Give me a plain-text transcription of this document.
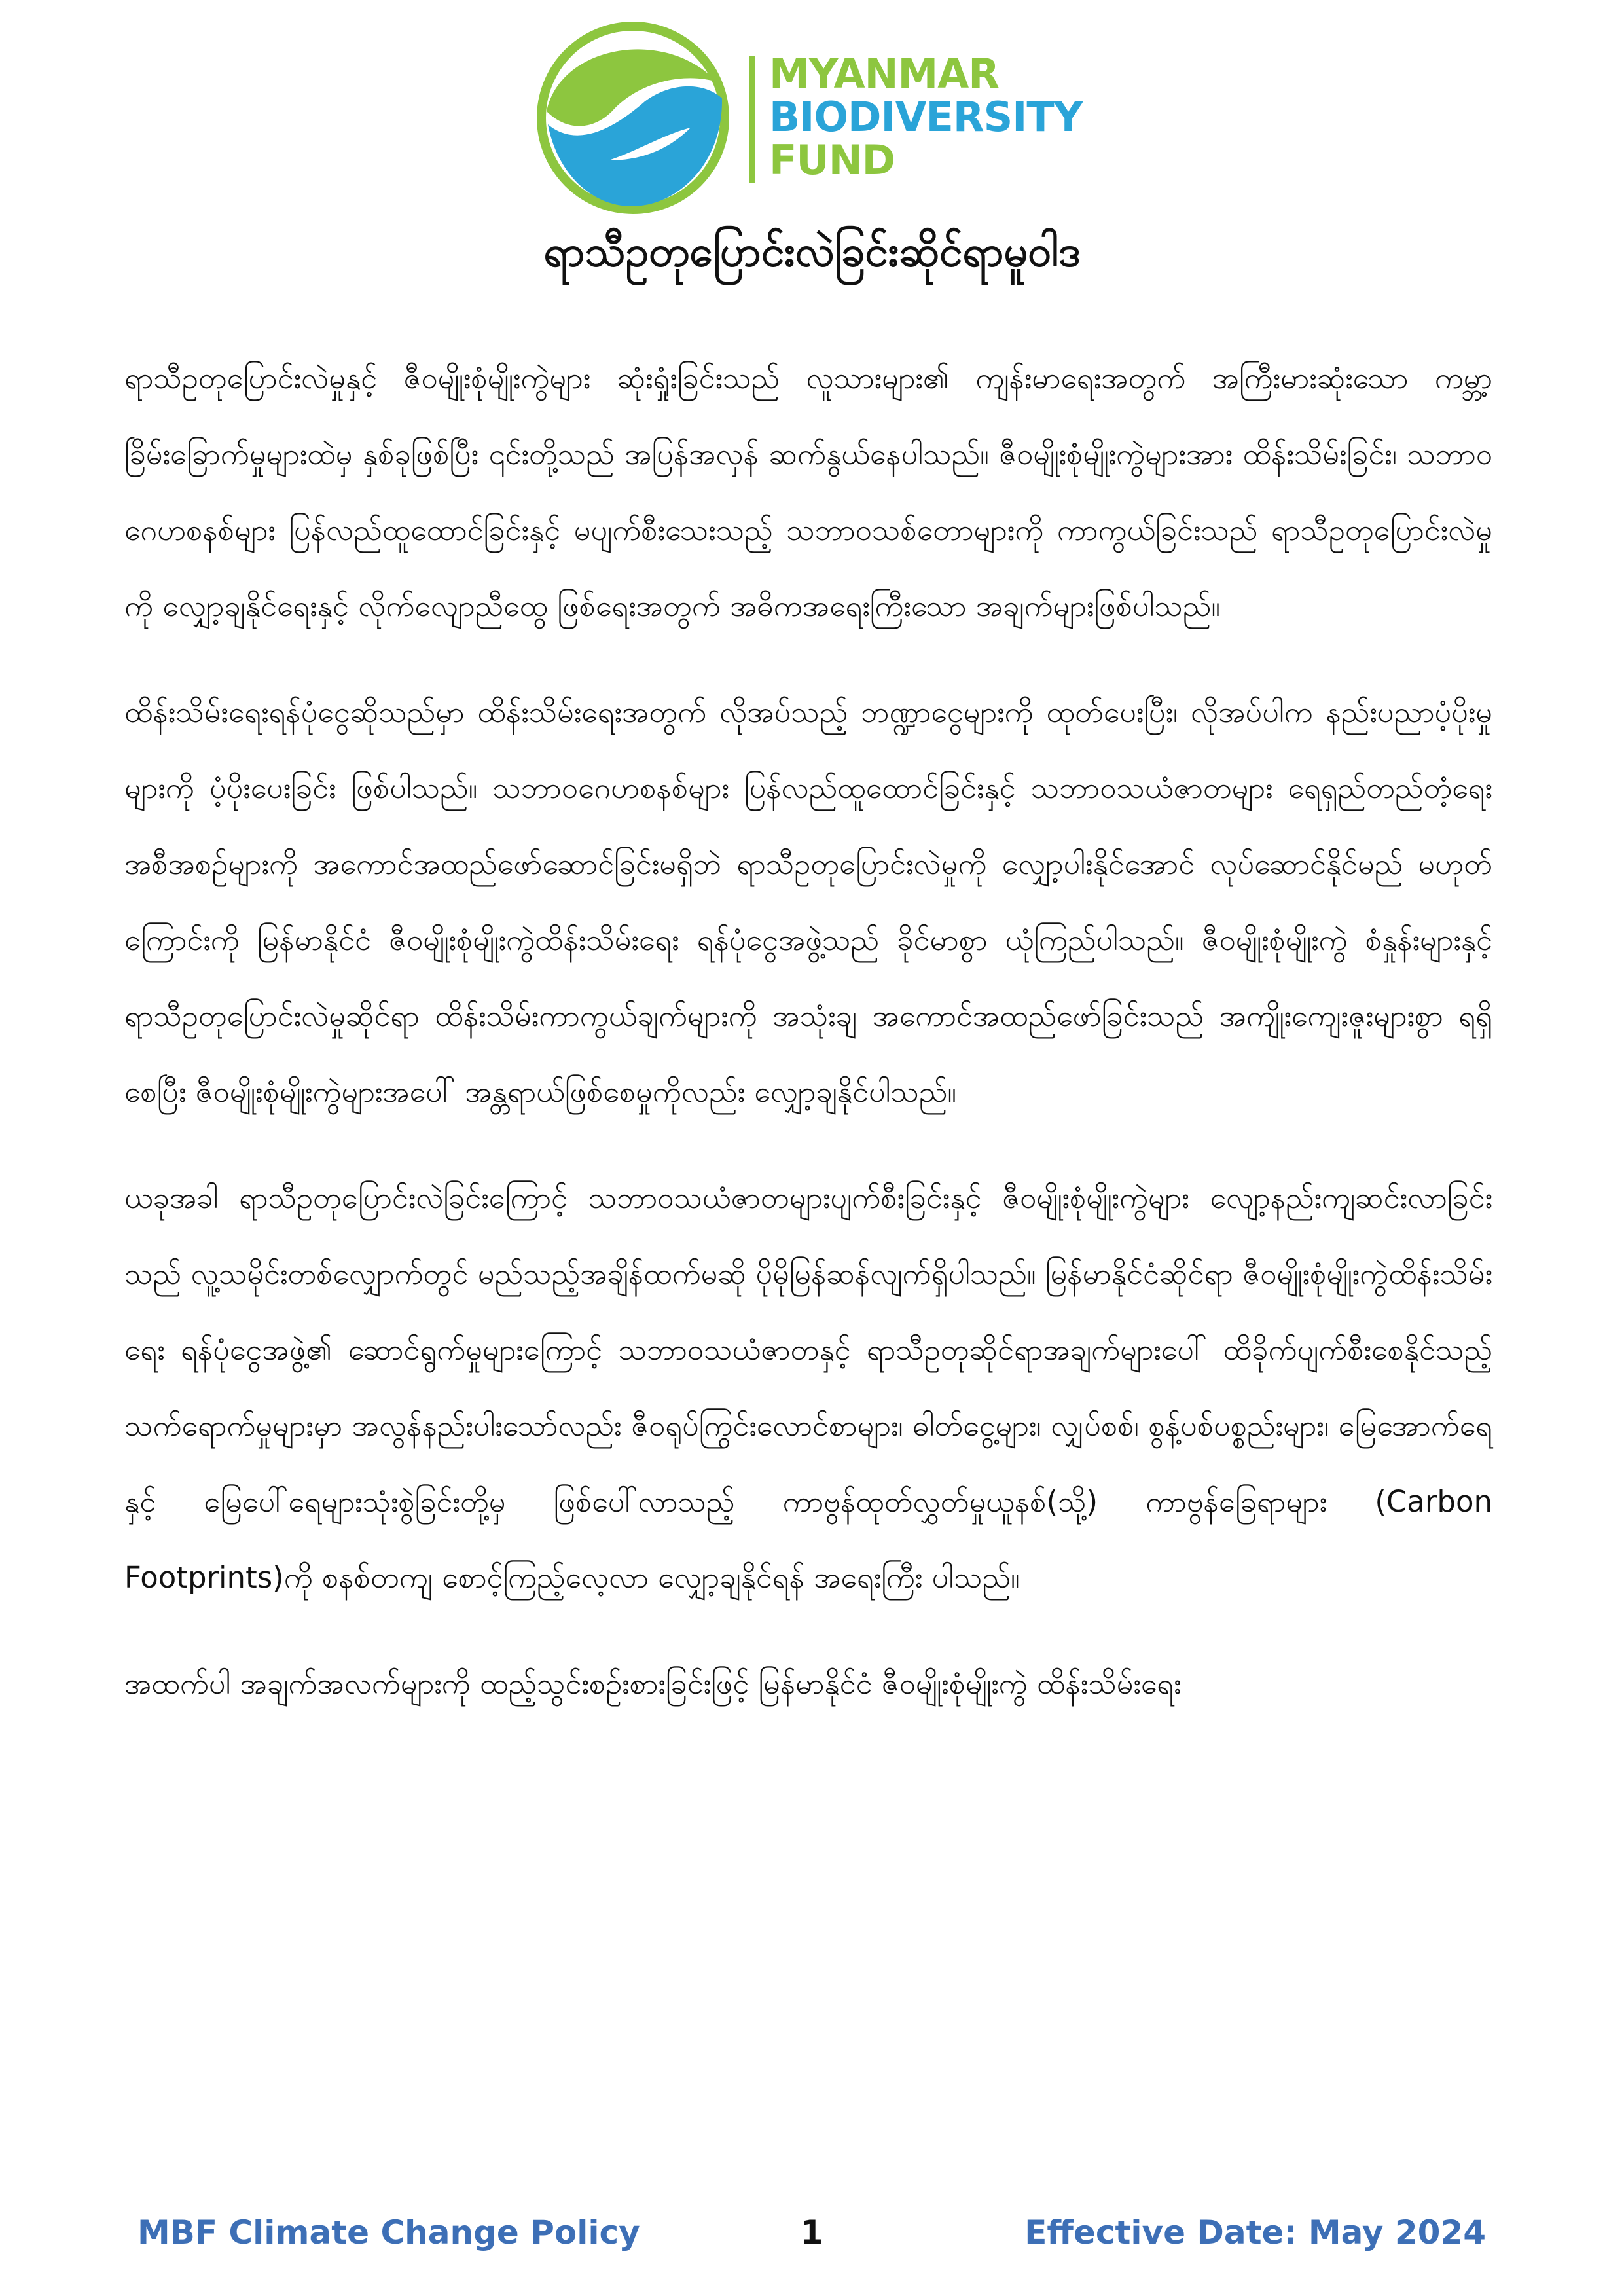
MYANMAR
BIODIVERSITY
FUND
ရာသီဥတုပြောင်းလဲခြင်းဆိုင်ရာမူဝါဒ

ရာသီဥတုပြောင်းလဲမှုနှင့် ဇီဝမျိုးစုံမျိုးကွဲများ ဆုံးရှုံးခြင်းသည် လူသားများ၏ ကျန်းမာရေးအတွက် အကြီးမားဆုံးသော ကမ္ဘာ့ခြိမ်းခြောက်မှုများထဲမှ နှစ်ခုဖြစ်ပြီး ၎င်းတို့သည် အပြန်အလှန် ဆက်နွယ်နေပါသည်။ ဇီဝမျိုးစုံမျိုးကွဲများအား ထိန်းသိမ်းခြင်း၊ သဘာဝဂေဟစနစ်များ ပြန်လည်ထူထောင်ခြင်းနှင့် မပျက်စီးသေးသည့် သဘာဝသစ်တောများကို ကာကွယ်ခြင်းသည် ရာသီဥတုပြောင်းလဲမှုကို လျှော့ချနိုင်ရေးနှင့် လိုက်လျောညီထွေ ဖြစ်ရေးအတွက် အဓိကအရေးကြီးသော အချက်များဖြစ်ပါသည်။

ထိန်းသိမ်းရေးရန်ပုံငွေဆိုသည်မှာ ထိန်းသိမ်းရေးအတွက် လိုအပ်သည့် ဘဏ္ဍာငွေများကို ထုတ်ပေးပြီး၊ လိုအပ်ပါက နည်းပညာပံ့ပိုးမှုများကို ပံ့ပိုးပေးခြင်း ဖြစ်ပါသည်။ သဘာဝဂေဟစနစ်များ ပြန်လည်ထူထောင်ခြင်းနှင့် သဘာဝသယံဇာတများ ရေရှည်တည်တံ့ရေး အစီအစဉ်များကို အကောင်အထည်ဖော်ဆောင်ခြင်းမရှိဘဲ ရာသီဥတုပြောင်းလဲမှုကို လျှော့ပါးနိုင်အောင် လုပ်ဆောင်နိုင်မည် မဟုတ်ကြောင်းကို မြန်မာနိုင်ငံ ဇီဝမျိုးစုံမျိုးကွဲထိန်းသိမ်းရေး ရန်ပုံငွေအဖွဲ့သည် ခိုင်မာစွာ ယုံကြည်ပါသည်။ ဇီဝမျိုးစုံမျိုးကွဲ စံနှုန်းများနှင့် ရာသီဥတုပြောင်းလဲမှုဆိုင်ရာ ထိန်းသိမ်းကာကွယ်ချက်များကို အသုံးချ အကောင်အထည်ဖော်ခြင်းသည် အကျိုးကျေးဇူးများစွာ ရရှိစေပြီး ဇီဝမျိုးစုံမျိုးကွဲများအပေါ် အန္တရာယ်ဖြစ်စေမှုကိုလည်း လျှော့ချနိုင်ပါသည်။

ယခုအခါ ရာသီဥတုပြောင်းလဲခြင်းကြောင့် သဘာဝသယံဇာတများပျက်စီးခြင်းနှင့် ဇီဝမျိုးစုံမျိုးကွဲများ လျော့နည်းကျဆင်းလာခြင်းသည် လူ့သမိုင်းတစ်လျှောက်တွင် မည်သည့်အချိန်ထက်မဆို ပိုမိုမြန်ဆန်လျက်ရှိပါသည်။ မြန်မာနိုင်ငံဆိုင်ရာ ဇီဝမျိုးစုံမျိုးကွဲထိန်းသိမ်းရေး ရန်ပုံငွေအဖွဲ့၏ ဆောင်ရွက်မှုများကြောင့် သဘာဝသယံဇာတနှင့် ရာသီဥတုဆိုင်ရာအချက်များပေါ် ထိခိုက်ပျက်စီးစေနိုင်သည့် သက်ရောက်မှုများမှာ အလွန်နည်းပါးသော်လည်း ဇီဝရုပ်ကြွင်းလောင်စာများ၊ ဓါတ်ငွေ့များ၊ လျှပ်စစ်၊ စွန့်ပစ်ပစ္စည်းများ၊ မြေအောက်ရေနှင့် မြေပေါ်ရေများသုံးစွဲခြင်းတို့မှ ဖြစ်ပေါ်လာသည့် ကာဗွန်ထုတ်လွှတ်မှုယူနစ်(သို့) ကာဗွန်ခြေရာများ (Carbon Footprints)ကို စနစ်တကျ စောင့်ကြည့်လေ့လာ လျှော့ချနိုင်ရန် အရေးကြီး ပါသည်။

အထက်ပါ အချက်အလက်များကို ထည့်သွင်းစဥ်းစားခြင်းဖြင့် မြန်မာနိုင်ငံ ဇီဝမျိုးစုံမျိုးကွဲ ထိန်းသိမ်းရေး

MBF Climate Change Policy	1	Effective Date: May 2024
